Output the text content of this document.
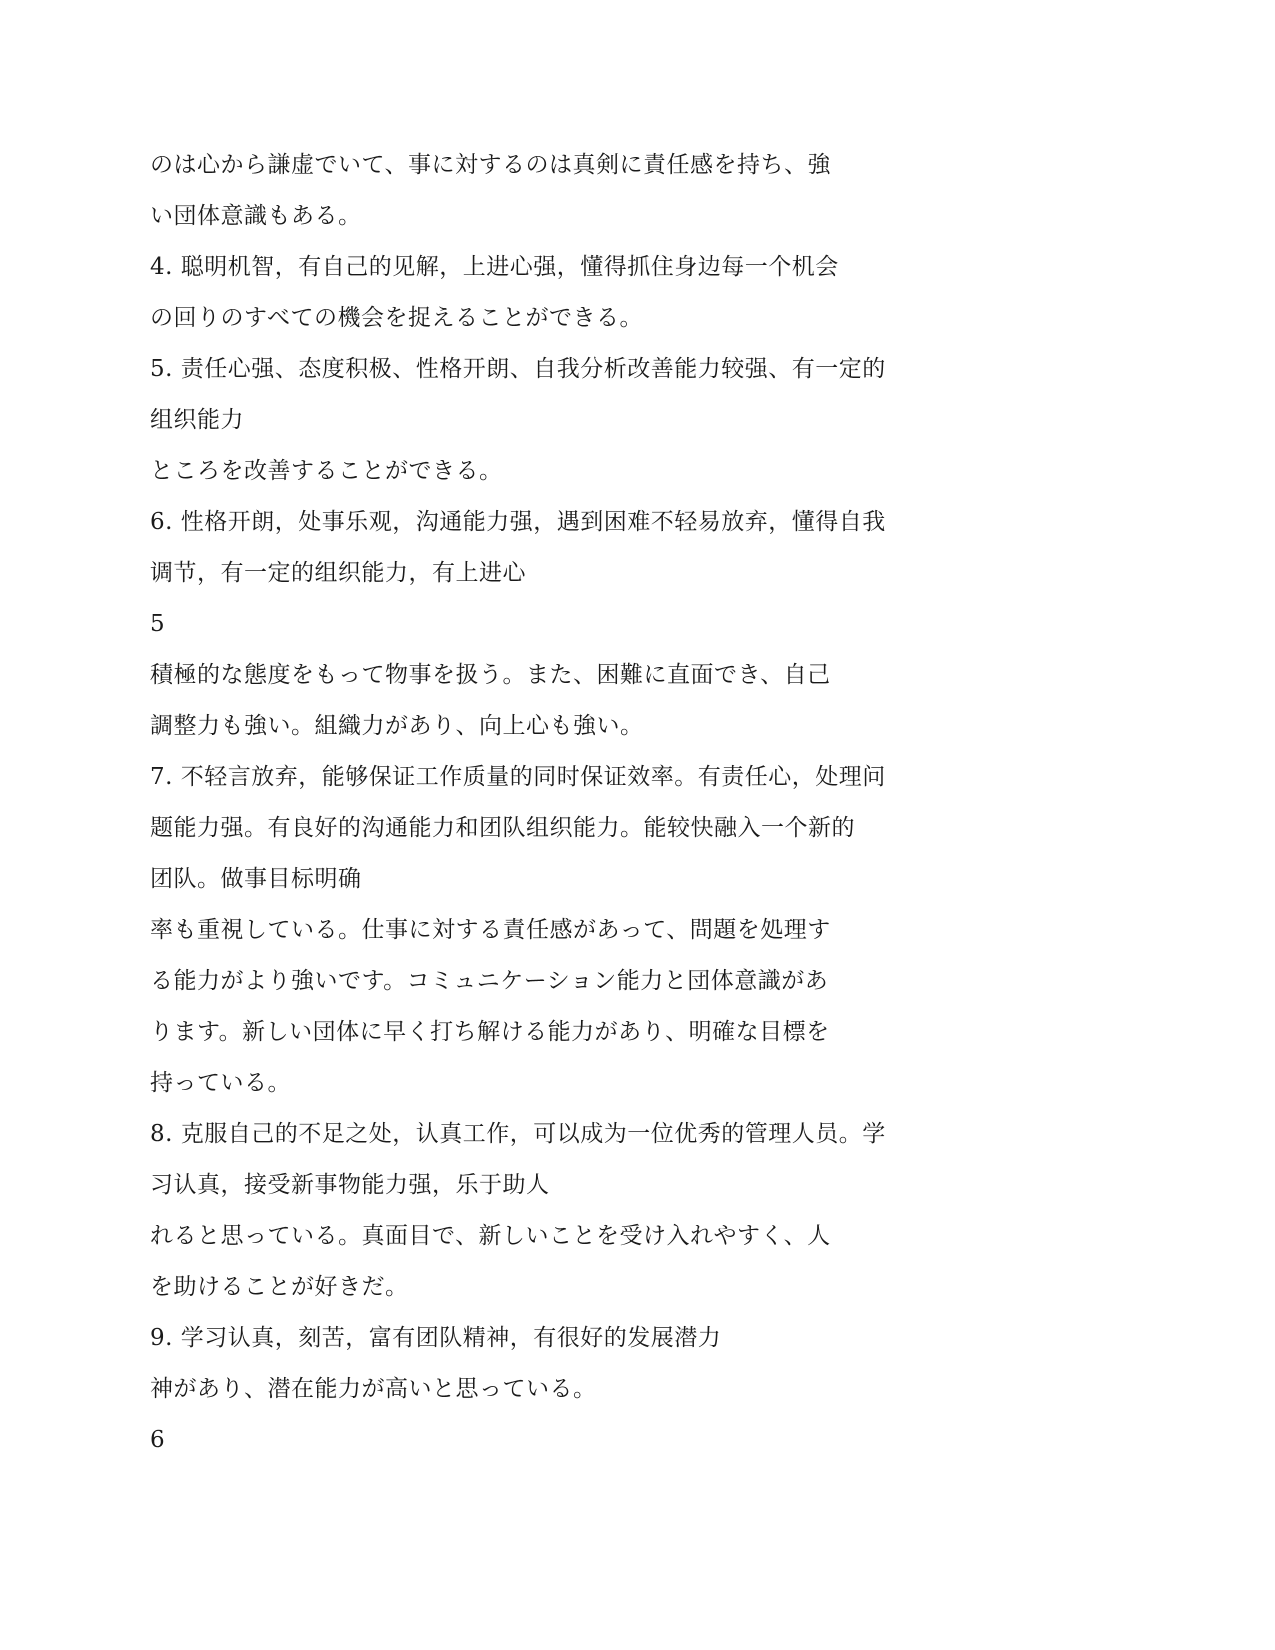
のは心から謙虚でいて、事に対するのは真剣に責任感を持ち、強
い団体意識もある。
4. 聪明机智，有自己的见解，上进心强，懂得抓住身边每一个机会
の回りのすべての機会を捉えることができる。
5. 责任心强、态度积极、性格开朗、自我分析改善能力较强、有一定的
组织能力
ところを改善することができる。
6. 性格开朗，处事乐观，沟通能力强，遇到困难不轻易放弃，懂得自我
调节，有一定的组织能力，有上进心
5
積極的な態度をもって物事を扱う。また、困難に直面でき、自己
調整力も強い。組織力があり、向上心も強い。
7. 不轻言放弃，能够保证工作质量的同时保证效率。有责任心，处理问
题能力强。有良好的沟通能力和团队组织能力。能较快融入一个新的
团队。做事目标明确
率も重視している。仕事に対する責任感があって、問題を処理す
る能力がより強いです。コミュニケーション能力と団体意識があ
ります。新しい団体に早く打ち解ける能力があり、明確な目標を
持っている。
8. 克服自己的不足之处，认真工作，可以成为一位优秀的管理人员。学
习认真，接受新事物能力强，乐于助人
れると思っている。真面目で、新しいことを受け入れやすく、人
を助けることが好きだ。
9. 学习认真，刻苦，富有团队精神，有很好的发展潜力
神があり、潜在能力が高いと思っている。
6
